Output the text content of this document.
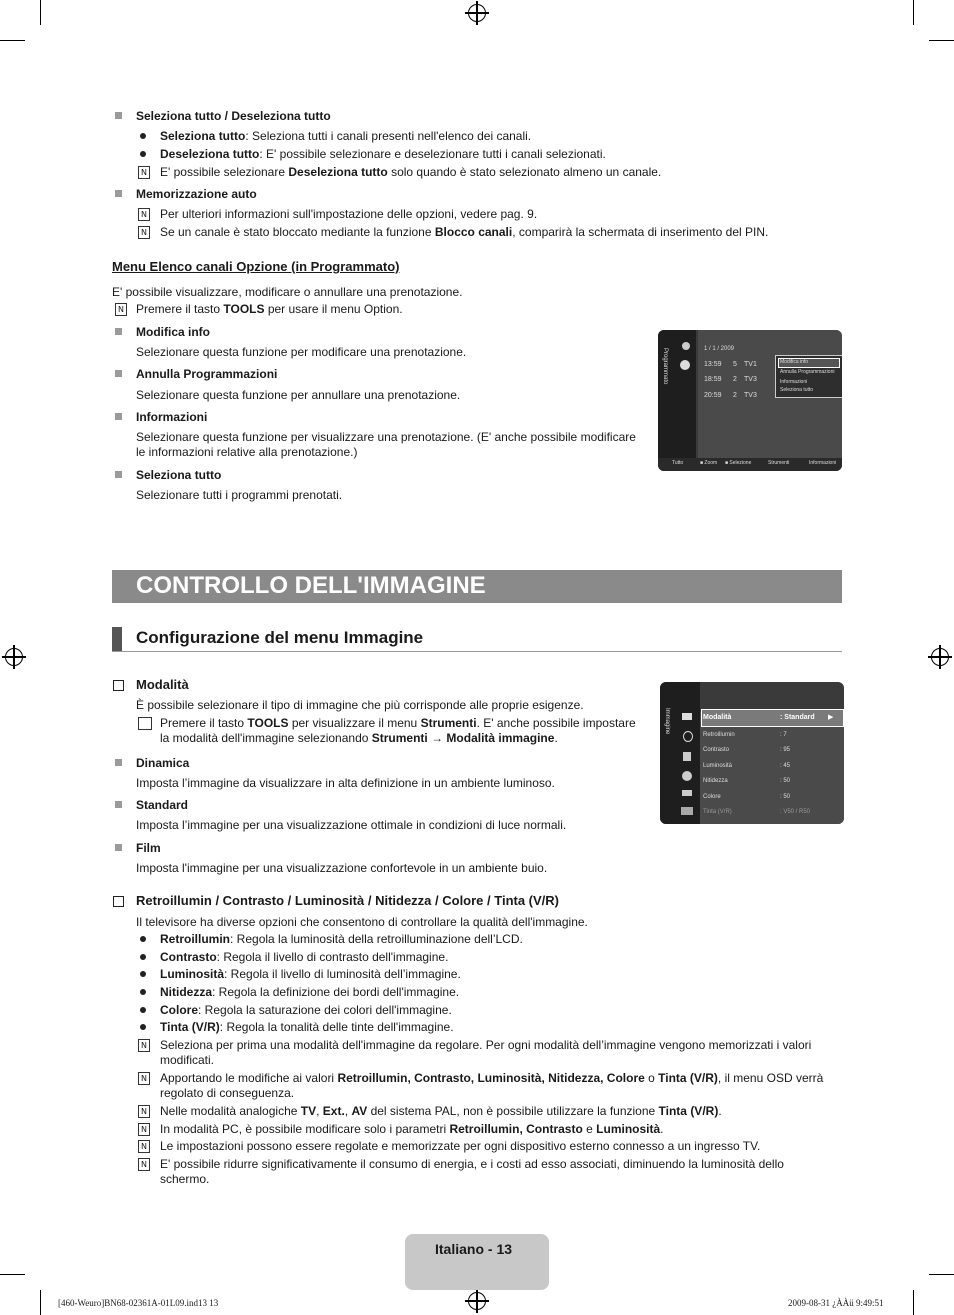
Seleziona tutto / Deseleziona tutto
Seleziona tutto: Seleziona tutti i canali presenti nell'elenco dei canali.
Deseleziona tutto: E' possibile selezionare e deselezionare tutti i canali selezionati.
N E' possibile selezionare Deseleziona tutto solo quando è stato selezionato almeno un canale.
Memorizzazione auto
N Per ulteriori informazioni sull'impostazione delle opzioni, vedere pag. 9.
N Se un canale è stato bloccato mediante la funzione Blocco canali, comparirà la schermata di inserimento del PIN.
Menu Elenco canali Opzione (in Programmato)
E' possibile visualizzare, modificare o annullare una prenotazione.
N Premere il tasto TOOLS per usare il menu Option.
Modifica info
Selezionare questa funzione per modificare una prenotazione.
Annulla Programmazioni
Selezionare questa funzione per annullare una prenotazione.
Informazioni
Selezionare questa funzione per visualizzare una prenotazione. (E' anche possibile modificare
le informazioni relative alla prenotazione.)
Seleziona tutto
Selezionare tutti i programmi prenotati.
Programmato	1 / 1 / 2009
13:59 5 TV1
18:59 2 TV3
20:59 2 TV3
Modifica info
Annulla Programmazioni
Informazioni
Seleziona tutto
Tutto	■ Zoom ■ Selezione	Strumenti	Informazioni
CONTROLLO DELL'IMMAGINE
Configurazione del menu Immagine
Modalità
È possibile selezionare il tipo di immagine che più corrisponde alle proprie esigenze.
Premere il tasto TOOLS per visualizzare il menu Strumenti. E' anche possibile impostare
la modalità dell'immagine selezionando Strumenti → Modalità immagine.
Dinamica
Imposta l’immagine da visualizzare in alta definizione in un ambiente luminoso.
Standard
Imposta l’immagine per una visualizzazione ottimale in condizioni di luce normali.
Film
Imposta l'immagine per una visualizzazione confortevole in un ambiente buio.
Immagine	Modalità	: Standard ▶
Retroillumin	: 7
Contrasto	: 95
Luminosità	: 45
Nitidezza	: 50
Colore	: 50
Tinta (V/R)	: V50 / R50
Retroillumin / Contrasto / Luminosità / Nitidezza / Colore / Tinta (V/R)
Il televisore ha diverse opzioni che consentono di controllare la qualità dell'immagine.
Retroillumin: Regola la luminosità della retroilluminazione dell’LCD.
Contrasto: Regola il livello di contrasto dell'immagine.
Luminosità: Regola il livello di luminosità dell’immagine.
Nitidezza: Regola la definizione dei bordi dell'immagine.
Colore: Regola la saturazione dei colori dell'immagine.
Tinta (V/R): Regola la tonalità delle tinte dell'immagine.
N Seleziona per prima una modalità dell'immagine da regolare. Per ogni modalità dell’immagine vengono memorizzati i valori
modificati.
N Apportando le modifiche ai valori Retroillumin, Contrasto, Luminosità, Nitidezza, Colore o Tinta (V/R), il menu OSD verrà
regolato di conseguenza.
N Nelle modalità analogiche TV, Ext., AV del sistema PAL, non è possibile utilizzare la funzione Tinta (V/R).
N In modalità PC, è possibile modificare solo i parametri Retroillumin, Contrasto e Luminosità.
N Le impostazioni possono essere regolate e memorizzate per ogni dispositivo esterno connesso a un ingresso TV.
N E' possibile ridurre significativamente il consumo di energia, e i costi ad esso associati, diminuendo la luminosità dello
schermo.
Italiano - 13
[460-Weuro]BN68-02361A-01L09.ind13 13	2009-08-31 ¿ÀÀü 9:49:51
